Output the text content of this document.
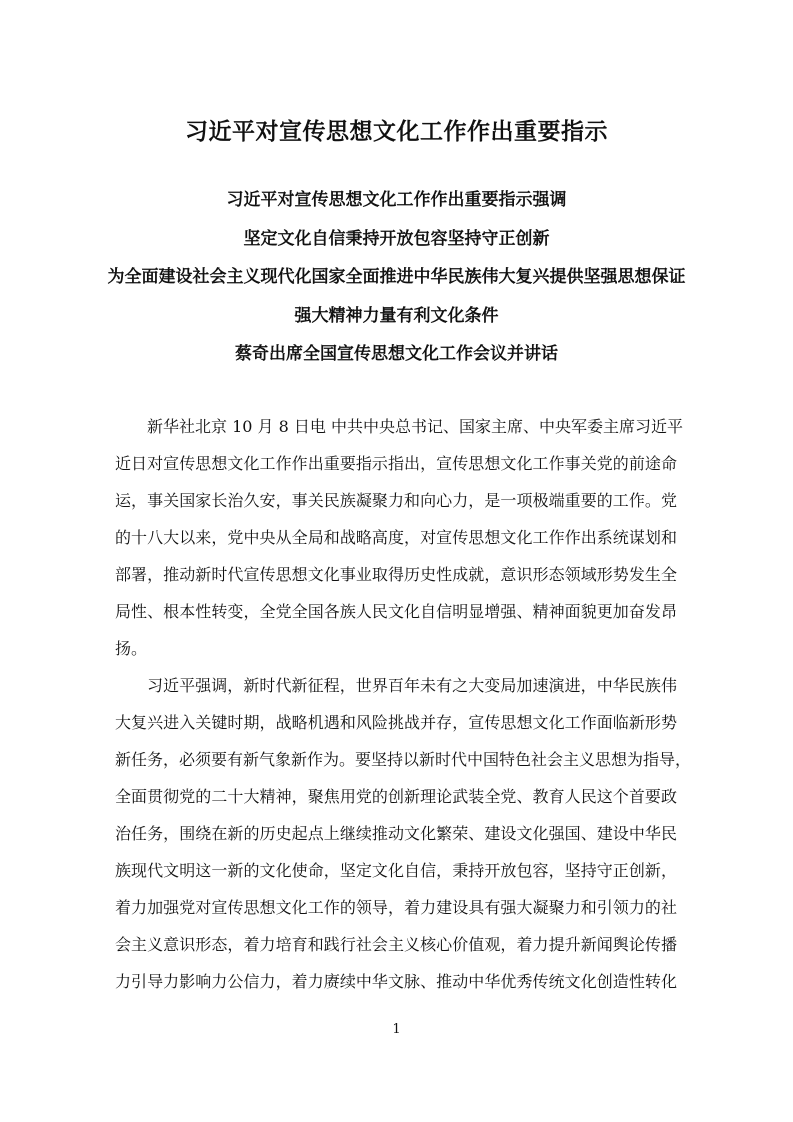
习近平对宣传思想文化工作作出重要指示
习近平对宣传思想文化工作作出重要指示强调
坚定文化自信秉持开放包容坚持守正创新
为全面建设社会主义现代化国家全面推进中华民族伟大复兴提供坚强思想保证
强大精神力量有利文化条件
蔡奇出席全国宣传思想文化工作会议并讲话
新华社北京 10 月 8 日电 中共中央总书记、国家主席、中央军委主席习近平
近日对宣传思想文化工作作出重要指示指出，宣传思想文化工作事关党的前途命
运，事关国家长治久安，事关民族凝聚力和向心力，是一项极端重要的工作。党
的十八大以来，党中央从全局和战略高度，对宣传思想文化工作作出系统谋划和
部署，推动新时代宣传思想文化事业取得历史性成就，意识形态领域形势发生全
局性、根本性转变，全党全国各族人民文化自信明显增强、精神面貌更加奋发昂
扬。
习近平强调，新时代新征程，世界百年未有之大变局加速演进，中华民族伟
大复兴进入关键时期，战略机遇和风险挑战并存，宣传思想文化工作面临新形势
新任务，必须要有新气象新作为。要坚持以新时代中国特色社会主义思想为指导，
全面贯彻党的二十大精神，聚焦用党的创新理论武装全党、教育人民这个首要政
治任务，围绕在新的历史起点上继续推动文化繁荣、建设文化强国、建设中华民
族现代文明这一新的文化使命，坚定文化自信，秉持开放包容，坚持守正创新，
着力加强党对宣传思想文化工作的领导，着力建设具有强大凝聚力和引领力的社
会主义意识形态，着力培育和践行社会主义核心价值观，着力提升新闻舆论传播
力引导力影响力公信力，着力赓续中华文脉、推动中华优秀传统文化创造性转化
1
